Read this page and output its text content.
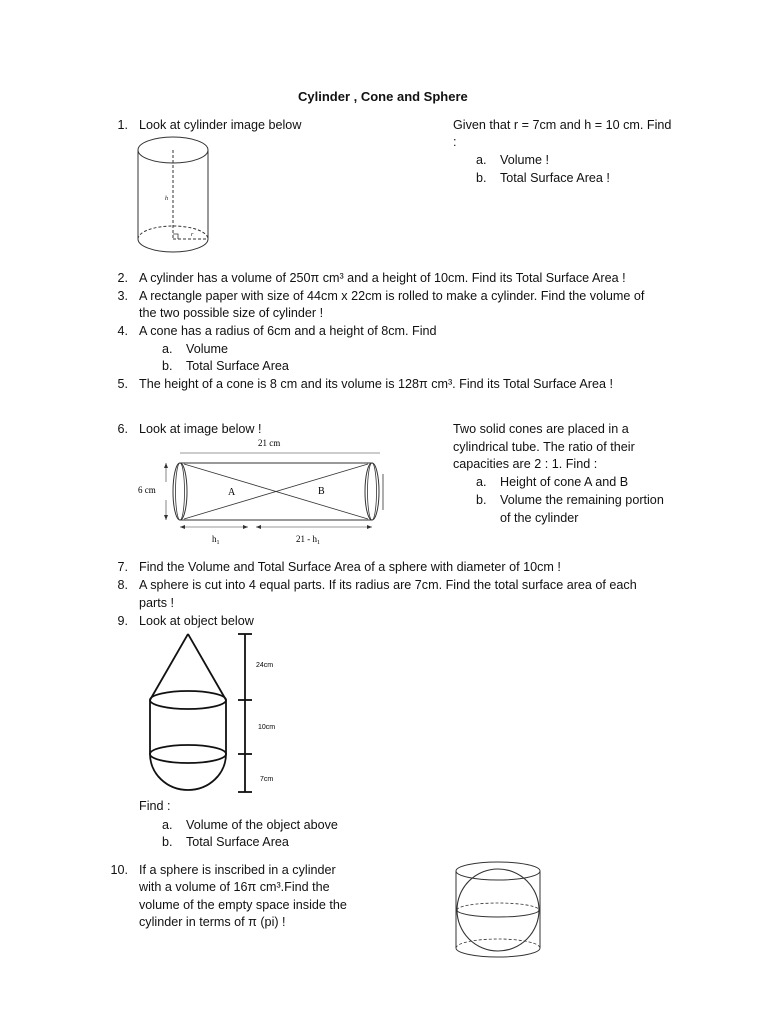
Cylinder , Cone and Sphere
1. Look at cylinder image below	Given that r = 7cm and h = 10 cm. Find
:
a. Volume !
b. Total Surface Area !
h
r
2. A cylinder has a volume of 250π cm³ and a height of 10cm. Find its Total Surface Area !
3. A rectangle paper with size of 44cm x 22cm is rolled to make a cylinder. Find the volume of
the two possible size of cylinder !
4. A cone has a radius of 6cm and a height of 8cm. Find
a. Volume
b. Total Surface Area
5. The height of a cone is 8 cm and its volume is 128π cm³. Find its Total Surface Area !
6. Look at image below !	Two solid cones are placed in a
cylindrical tube. The ratio of their
capacities are 2 : 1. Find :
a. Height of cone A and B
b. Volume the remaining portion
of the cylinder
21 cm
A	B
6 cm
$h_1$	$21 - h_1$
7. Find the Volume and Total Surface Area of a sphere with diameter of 10cm !
8. A sphere is cut into 4 equal parts. If its radius are 7cm. Find the total surface area of each
parts !
9. Look at object below
24cm
10cm
7cm
Find :
a. Volume of the object above
b. Total Surface Area
10. If a sphere is inscribed in a cylinder
with a volume of 16π cm³.Find the
volume of the empty space inside the
cylinder in terms of π (pi) !
